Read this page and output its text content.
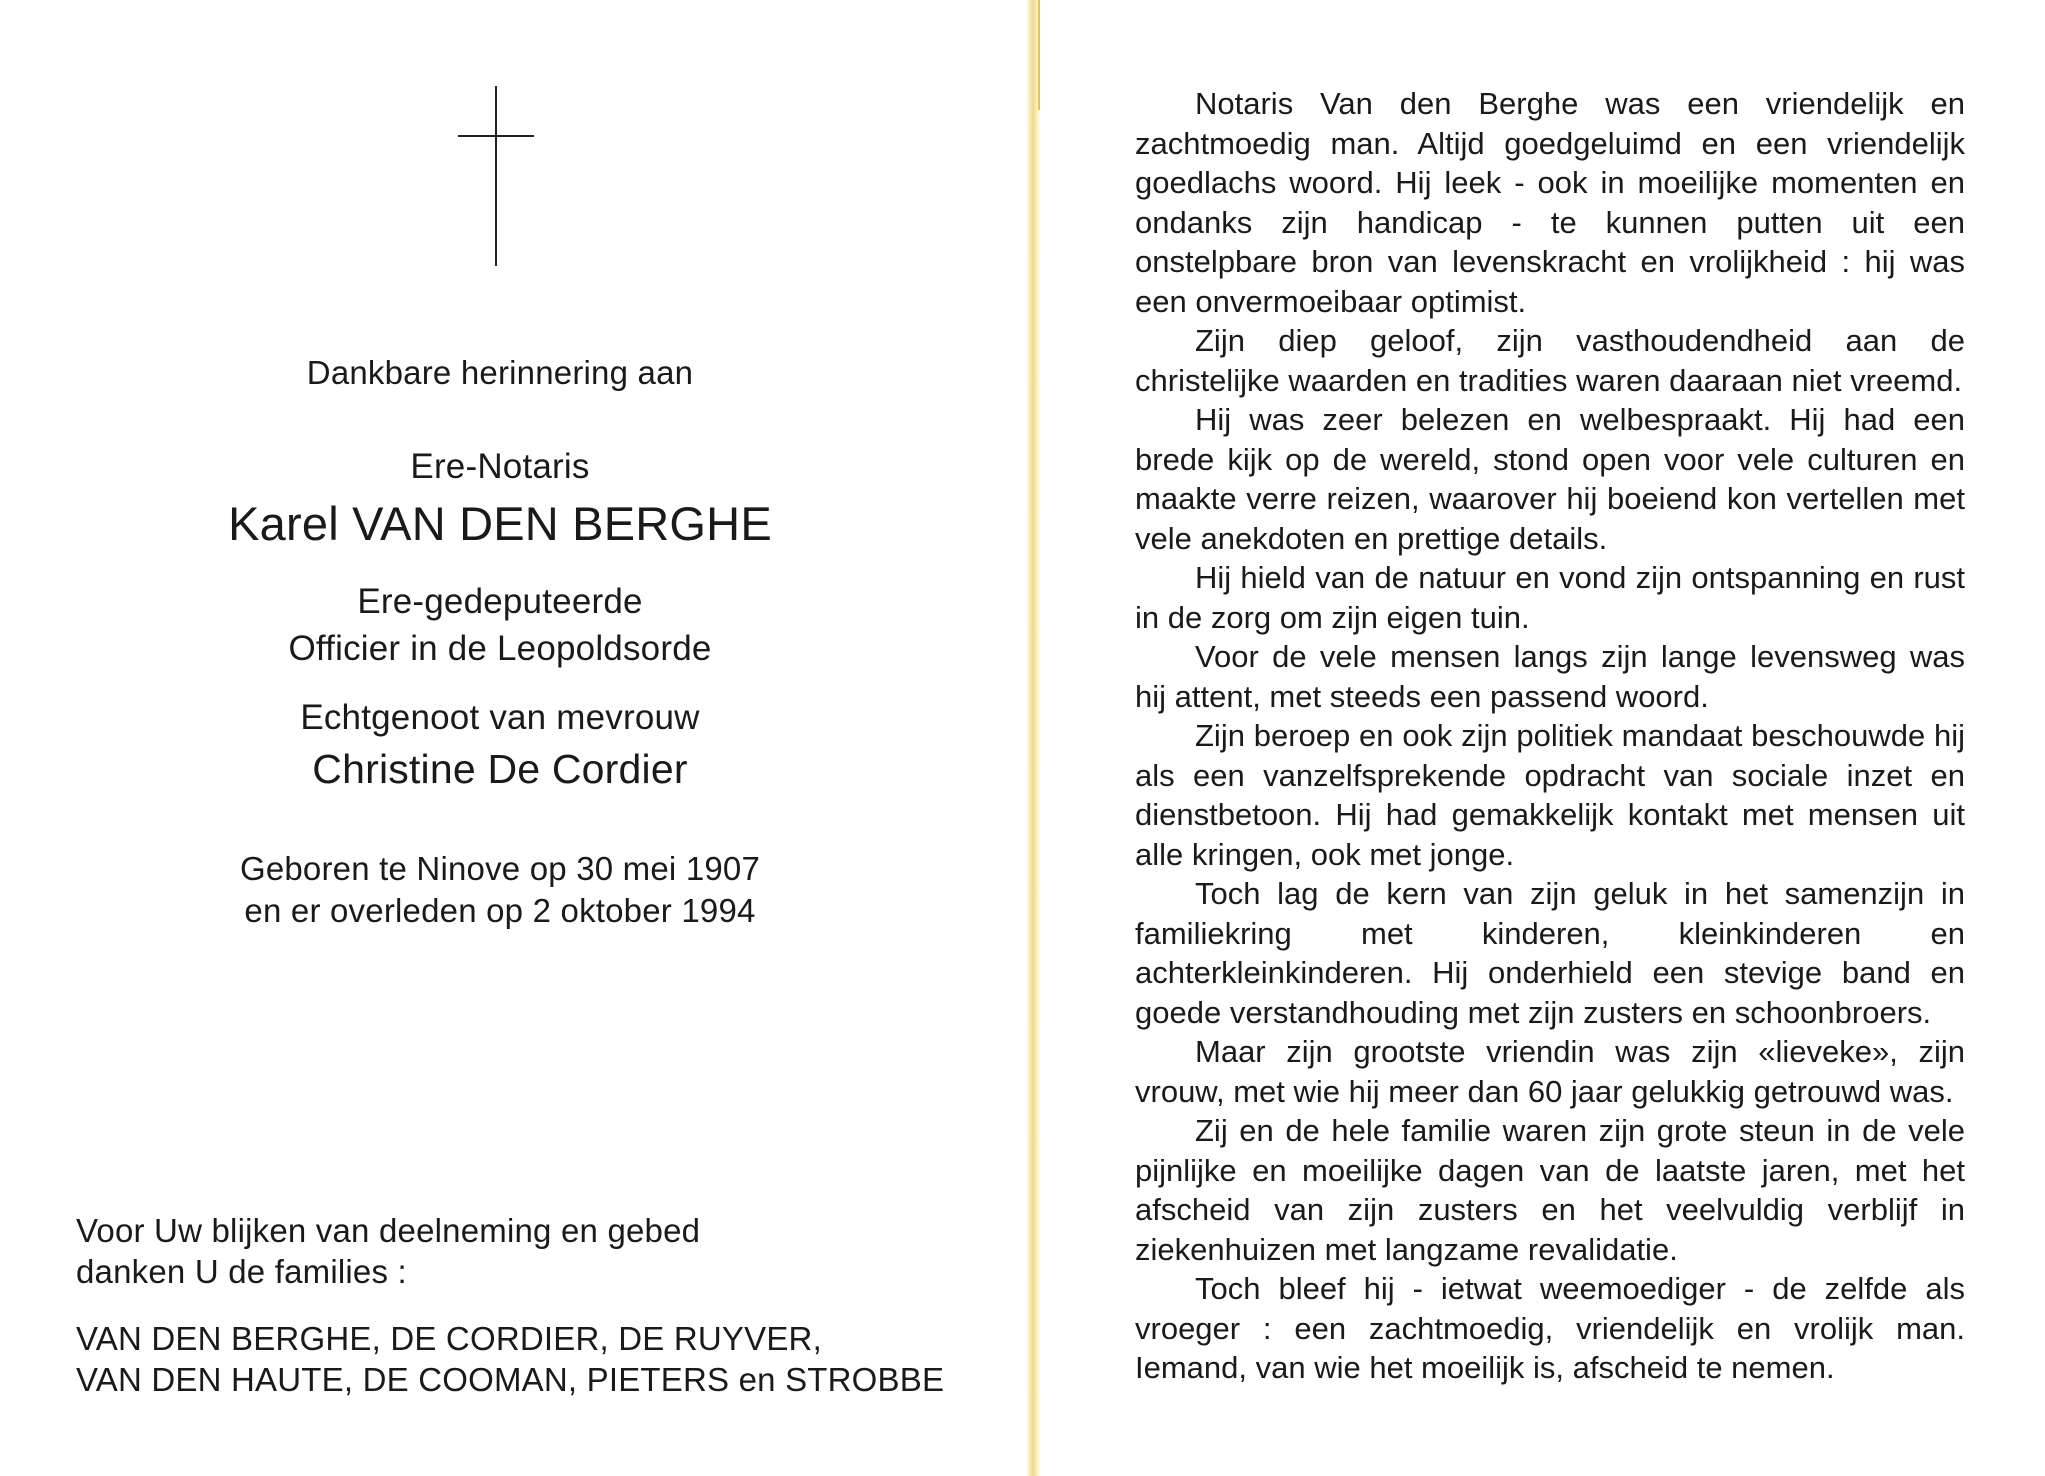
Dankbare herinnering aan
Ere-Notaris
Karel VAN DEN BERGHE
Ere-gedeputeerde
Officier in de Leopoldsorde
Echtgenoot van mevrouw
Christine De Cordier
Geboren te Ninove op 30 mei 1907
en er overleden op 2 oktober 1994
Voor Uw blijken van deelneming en gebed
danken U de families :
VAN DEN BERGHE, DE CORDIER, DE RUYVER,
VAN DEN HAUTE, DE COOMAN, PIETERS en STROBBE

Notaris Van den Berghe was een vriendelijk en zachtmoedig man. Altijd goedgeluimd en een vriendelijk goedlachs woord. Hij leek - ook in moeilijke momenten en ondanks zijn handicap - te kunnen putten uit een onstelpbare bron van levenskracht en vrolijkheid : hij was een onvermoeibaar optimist.

Zijn diep geloof, zijn vasthoudendheid aan de christelijke waarden en tradities waren daaraan niet vreemd.

Hij was zeer belezen en welbespraakt. Hij had een brede kijk op de wereld, stond open voor vele culturen en maakte verre reizen, waarover hij boeiend kon vertellen met vele anekdoten en prettige details.

Hij hield van de natuur en vond zijn ontspanning en rust in de zorg om zijn eigen tuin.

Voor de vele mensen langs zijn lange levensweg was hij attent, met steeds een passend woord.

Zijn beroep en ook zijn politiek mandaat beschouwde hij als een vanzelfsprekende opdracht van sociale inzet en dienstbetoon. Hij had gemakkelijk kontakt met mensen uit alle kringen, ook met jonge.

Toch lag de kern van zijn geluk in het samenzijn in familiekring met kinderen, kleinkinderen en achterkleinkinderen. Hij onderhield een stevige band en goede verstandhouding met zijn zusters en schoonbroers.

Maar zijn grootste vriendin was zijn «lieveke», zijn vrouw, met wie hij meer dan 60 jaar gelukkig getrouwd was.

Zij en de hele familie waren zijn grote steun in de vele pijnlijke en moeilijke dagen van de laatste jaren, met het afscheid van zijn zusters en het veelvuldig verblijf in ziekenhuizen met langzame revalidatie.

Toch bleef hij - ietwat weemoediger - de zelfde als vroeger : een zachtmoedig, vriendelijk en vrolijk man. Iemand, van wie het moeilijk is, afscheid te nemen.
